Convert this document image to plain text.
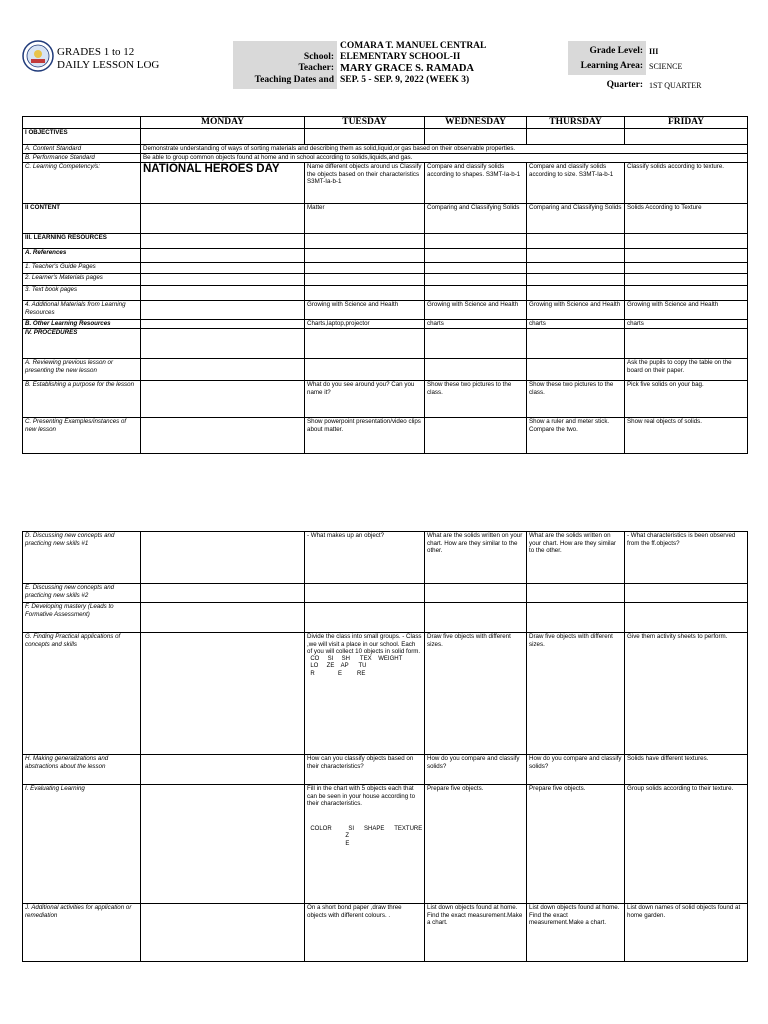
GRADES 1 to 12
DAILY LESSON LOG
School:	COMARA T. MANUEL CENTRAL ELEMENTARY SCHOOL-II
Teacher:	MARY GRACE S. RAMADA
Teaching Dates and	SEP. 5 - SEP. 9, 2022 (WEEK 3)
Grade Level:	III
Learning Area:	SCIENCE
Quarter:	1ST QUARTER
	MONDAY	TUESDAY	WEDNESDAY	THURSDAY	FRIDAY
I OBJECTIVES					
A. Content Standard	Demonstrate understanding of ways of sorting materials and describing them as solid,liquid,or gas based on their observable properties.				
B. Performance Standard	Be able to group common objects found at home and in school according to solids,liquids,and gas.				
C. Learning Competency/s:	NATIONAL HEROES DAY	Name different objects around us Classify the objects based on their characteristics S3MT-Ia-b-1	Compare and classify solids according to shapes. S3MT-Ia-b-1	Compare and classify solids according to size. S3MT-Ia-b-1	Classify solids according to texture.
II CONTENT		Matter	Comparing and Classifying Solids	Comparing and Classifying Solids	Solids According to Texture
III. LEARNING RESOURCES					
A. References					
1. Teacher's Guide Pages					
2. Learner's Materials pages					
3. Text book pages					
4. Additional Materials from Learning Resources		Growing with Science and Health	Growing with Science and Health	Growing with Science and Health	Growing with Science and Health
B. Other Learning Resources		Charts,laptop,projector	charts	charts	charts
IV. PROCEDURES					
A. Reviewing previous lesson or presenting the new lesson					Ask the pupils to copy the table on the board on their paper.
B. Establishing a purpose for the lesson		What do you see around you? Can you name it?	Show these two pictures to the class.	Show these two pictures to the class.	Pick five solids on your bag.
C. Presenting Examples/instances of new lesson		Show powerpoint presentation/video clips about matter.		Show a ruler and meter stick. Compare the two.	Show real objects of solids.
D. Discussing new concepts and practicing new skills #1		- What makes up an object?	What are the solids written on your chart. How are they similar to the other.	What are the solids written on your chart. How are they similar to the other.	- What characteristics is been observed from the ff.objects?
E. Discussing new concepts and practicing new skills #2					
F. Developing mastery (Leads to Formative Assessment)					
G. Finding Practical applications of concepts and skills		Divide the class into small groups. - Class ,we will visit a place in our school. Each of you will collect 10 objects in solid form.
CO     SI     SH      TEX    WEIGHT
LO     ZE    AP      TU
R              E         RE	Draw five objects with different sizes.	Draw five objects with different sizes.	Give them activity sheets to perform.
H. Making generalizations and abstractions about the lesson		How can you classify objects based on their characteristics?	How do you compare and classify solids?	How do you compare and classify solids?	Solids have different textures.
I. Evaluating Learning		Fill in the chart with 5 objects each that can be seen in your house according to their characteristics.
COLOR          SI      SHAPE      TEXTURE
Z
E	Prepare five objects.	Prepare five objects.	Group solids according to their texture.
J. Additional activities for application or remediation		On a short bond paper ,draw three objects with different colours. .	List down objects found at home. Find the exact measurement.Make a chart.	List down objects found at home. Find the exact measurement.Make a chart.	List down names of solid objects found at home garden.
